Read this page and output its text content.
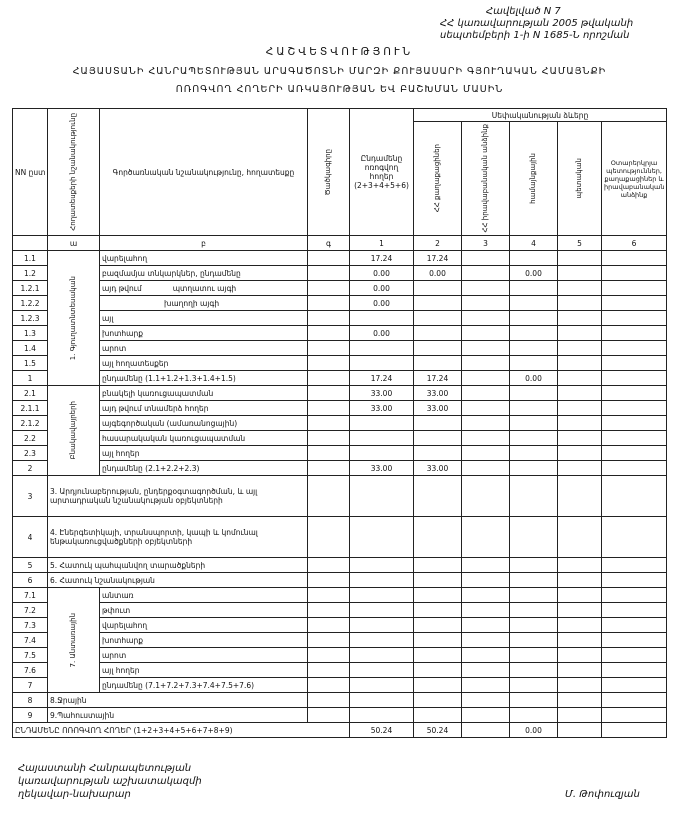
Հավելված N 7
ՀՀ կառավարության 2005 թվականի
սեպտեմբերի 1-ի N 1685-Ն որոշման
ՀԱՇՎԵՏՎՈՒԹՅՈՒՆ
ՀԱՅԱՍՏԱՆԻ ՀԱՆՐԱՊԵՏՈՒԹՅԱՆ ԱՐԱԳԱԾՈՏՆԻ ՄԱՐԶԻ ՔՈՒՅԱՍԱՐԻ ԳՅՈՒՂԱԿԱՆ ՀԱՄԱՅՆՔԻ
ՈՌՈԳՎՈՂ ՀՈՂԵՐԻ ԱՌԿԱՅՈՒԹՅԱՆ ԵՎ ԲԱՇԽՄԱՆ ՄԱՍԻՆ
NN ըստ	Հողատեսքերի նշանակությունը	Գործառնական նշանակությունը, հողատեսքը	Ծածկագիրը	Ընդամենը ոռոգվող հողեր (2+3+4+5+6)	Սեփականության ձևերը				

					ՀՀ քաղաքացիներ	ՀՀ իրավաբանական անձինք	համայնքային	պետական	Օտարերկրյա պետություններ, քաղաքացիներ և իրավաբանական անձինք
	ա	բ	գ	1	2	3	4	5	6
1.1	1. Գյուղատնտեսական	վարելահող		17.24	17.24				
1.2		բազմամյա տնկարկներ, ընդամենը		0.00	0.00		0.00		
1.2.1		այդ թվում             պտղատու այգի		0.00					
1.2.2		խաղողի այգի		0.00					
1.2.3		այլ							
1.3		խոտհարք		0.00					
1.4		արոտ							
1.5		այլ հողատեսքեր							
1		ընդամենը (1.1+1.2+1.3+1.4+1.5)		17.24	17.24		0.00		
2.1	Բնակավայրերի	բնակելի կառուցապատման		33.00	33.00				
2.1.1		այդ թվում տնամերձ հողեր		33.00	33.00				
2.1.2		այգեգործական (ամառանոցային)							
2.2		հասարակական կառուցապատման							
2.3		այլ հողեր							
2		ընդամենը (2.1+2.2+2.3)		33.00	33.00				
3	3. Արդյունաբերության, ընդերքօգտագործման, և այլ արտադրական նշանակության օբյեկտների								
4	4. Էներգետիկայի, տրանսպորտի, կապի և կոմունալ ենթակառուցվածքների օբյեկտների								
5	5. Հատուկ պահպանվող տարածքների								
6	6. Հատուկ նշանակության								
7.1	7. Անտառային	անտառ							
7.2		թփուտ							
7.3		վարելահող							
7.4		խոտհարք							
7.5		արոտ							
7.6		այլ հողեր							
7		ընդամենը (7.1+7.2+7.3+7.4+7.5+7.6)							
8	8.Ջրային								
9	9.Պահուստային								
ԸՆԴԱՄԵՆԸ ՈՌՈԳՎՈՂ ՀՈՂԵՐ (1+2+3+4+5+6+7+8+9)				50.24	50.24		0.00		
Հայաստանի Հանրապետության
կառավարության աշխատակազմի
ղեկավար-նախարար	Մ. Թոփուզյան
